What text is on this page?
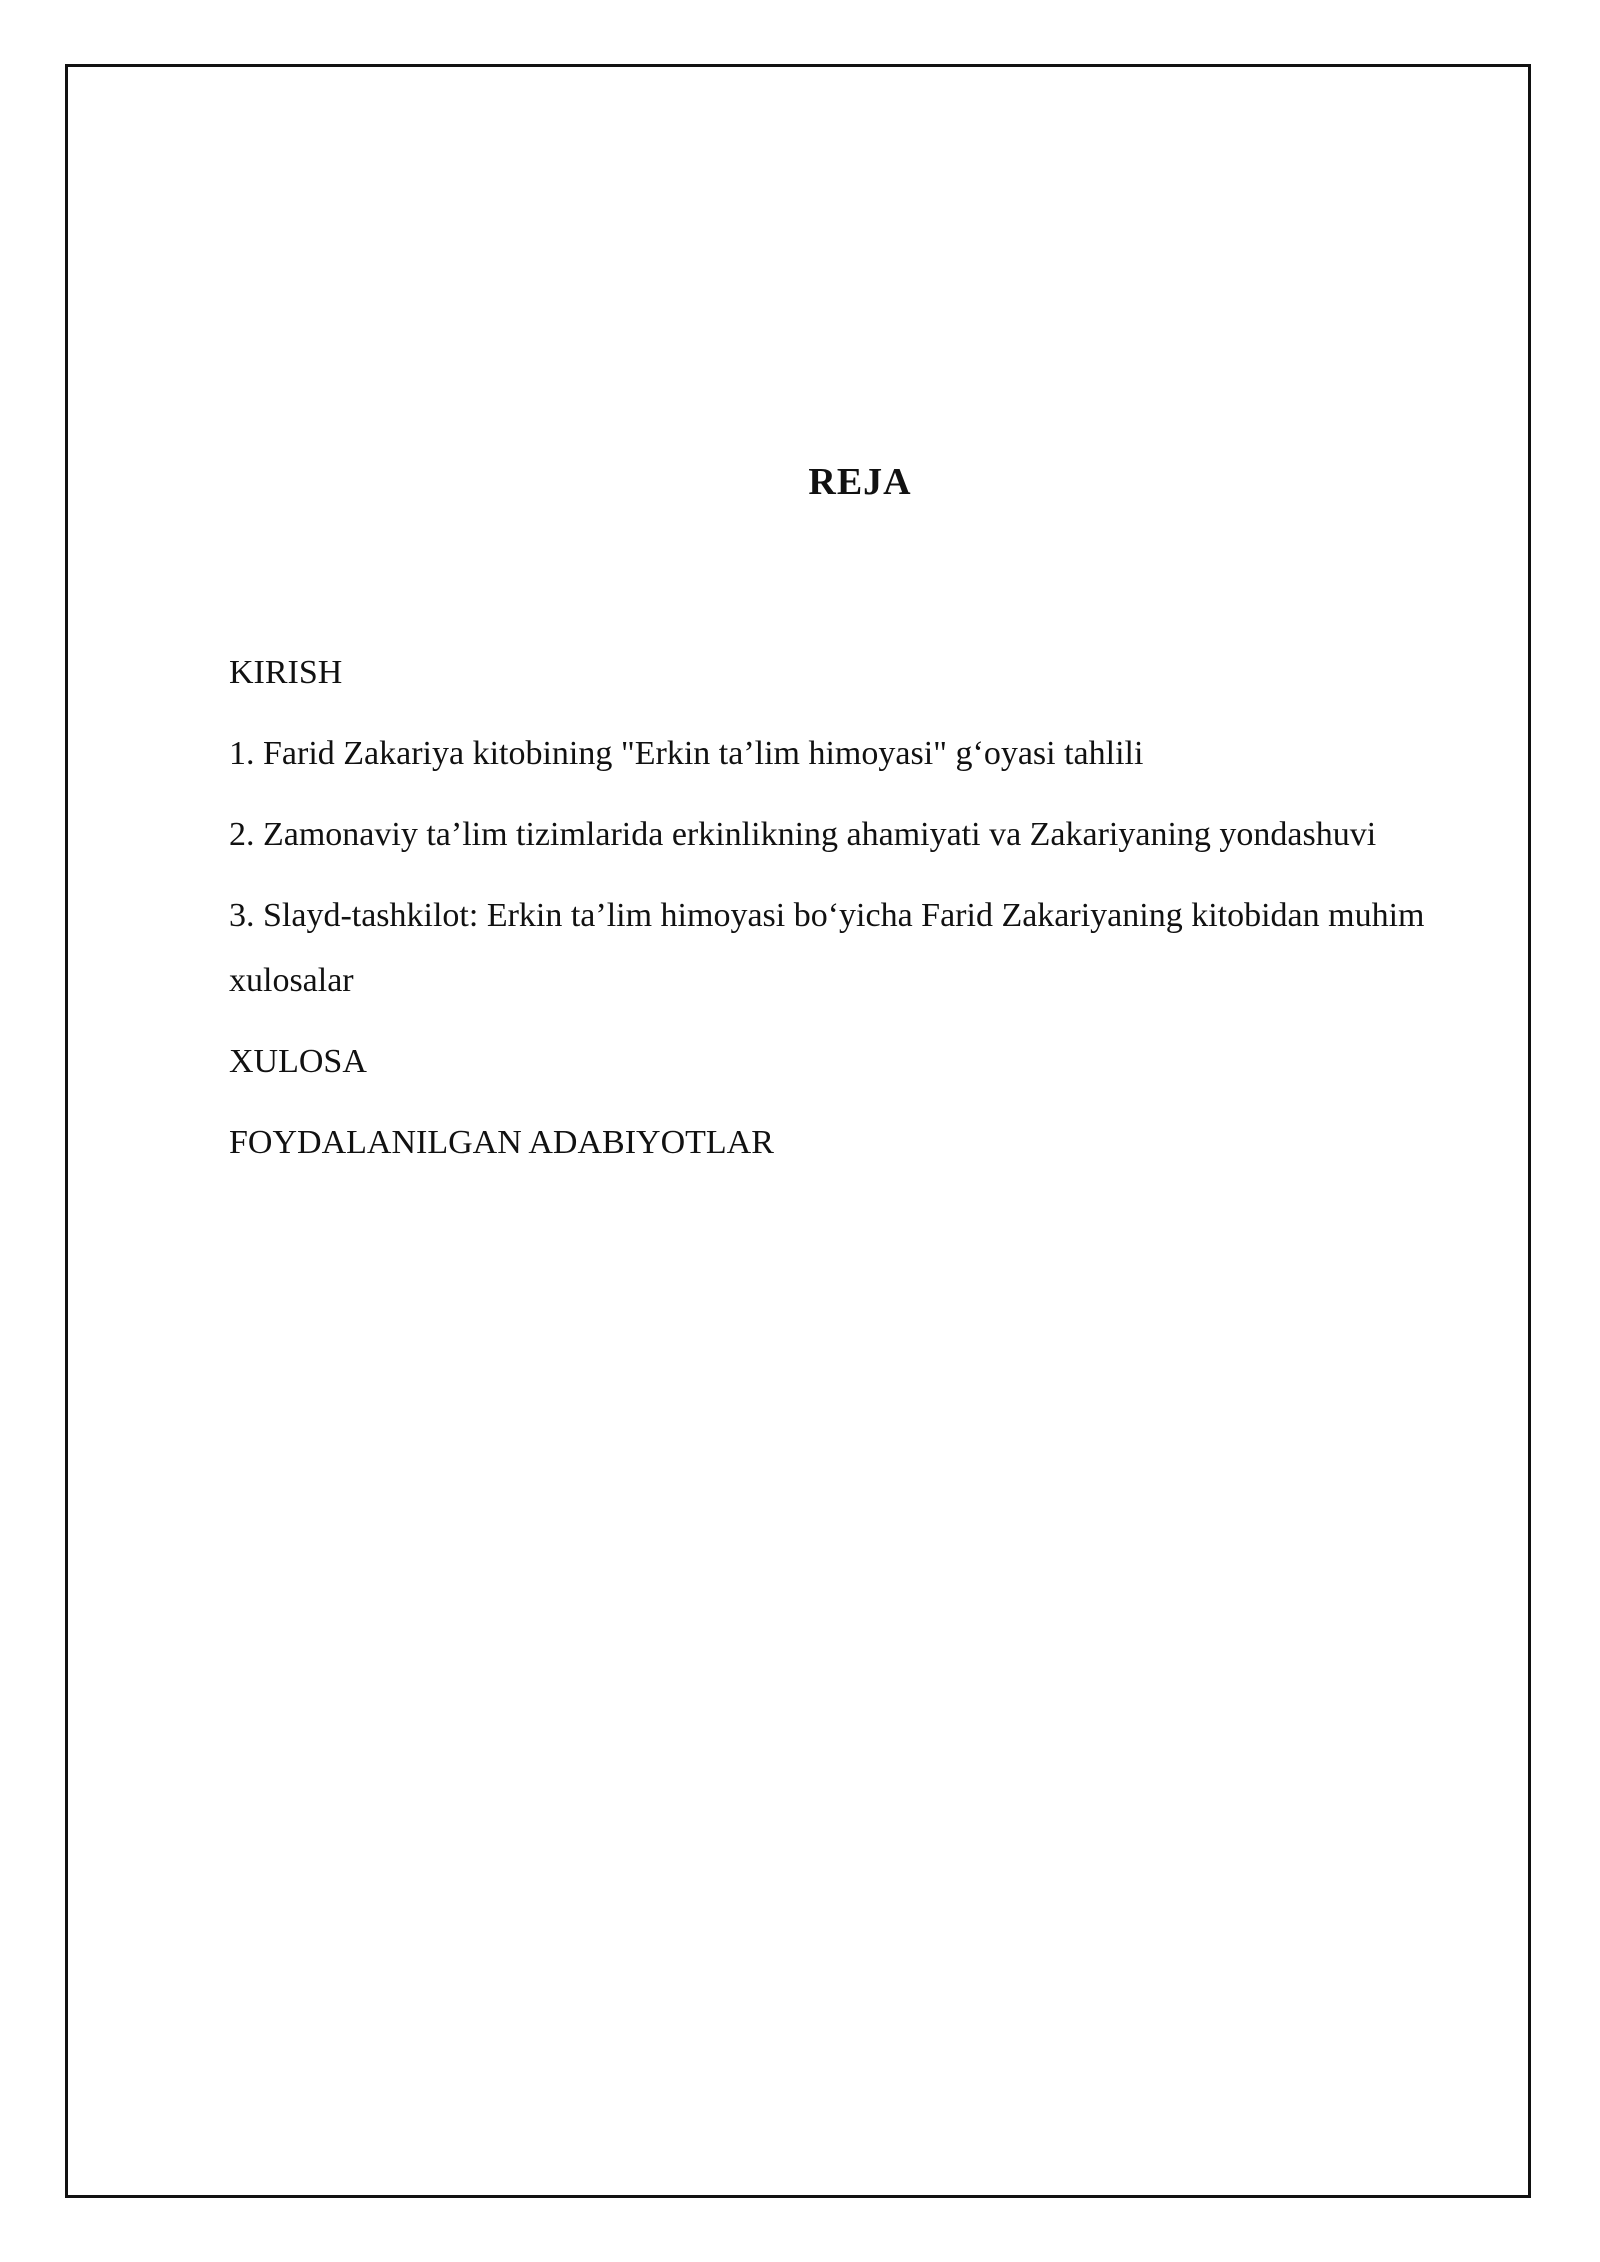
REJA

KIRISH

1. Farid Zakariya kitobining "Erkin ta’lim himoyasi" g‘oyasi tahlili

2. Zamonaviy ta’lim tizimlarida erkinlikning ahamiyati va Zakariyaning yondashuvi

3. Slayd-tashkilot: Erkin ta’lim himoyasi bo‘yicha Farid Zakariyaning kitobidan muhim xulosalar

XULOSA

FOYDALANILGAN ADABIYOTLAR
